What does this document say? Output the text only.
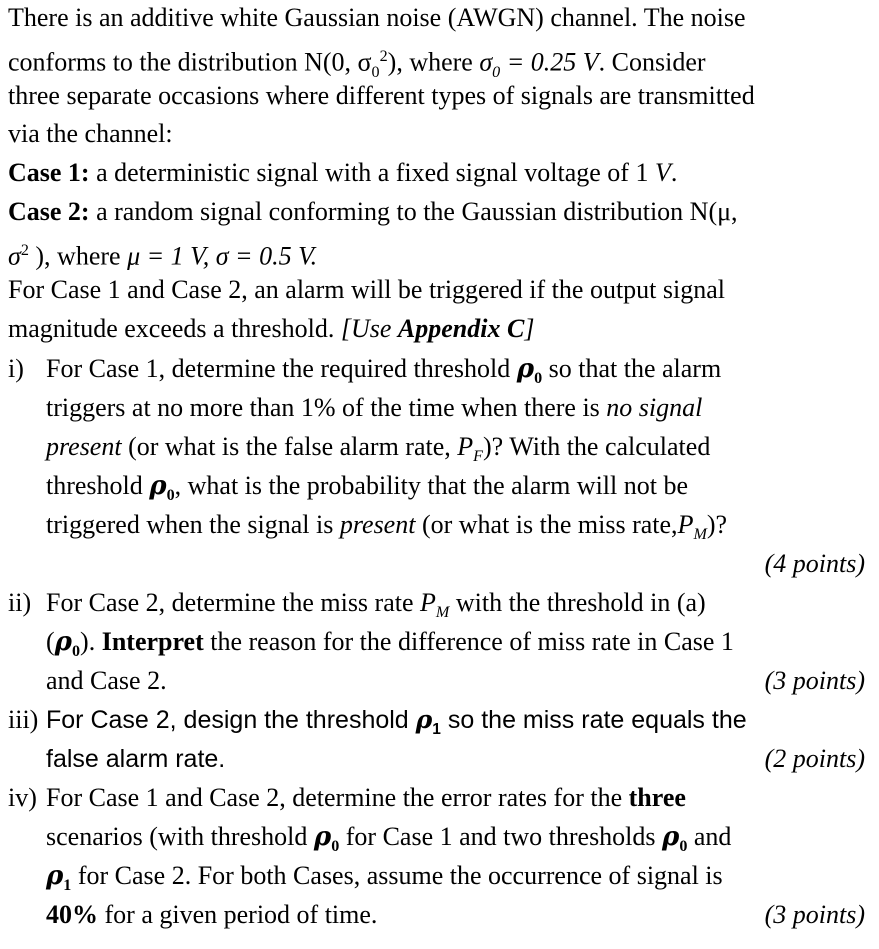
There is an additive white Gaussian noise (AWGN) channel. The noise
conforms to the distribution N(0, $\sigma_0^2$), where $\sigma_0 = 0.25$ V. Consider
three separate occasions where different types of signals are transmitted
via the channel:
Case 1: a deterministic signal with a fixed signal voltage of 1 V.
Case 2: a random signal conforming to the Gaussian distribution N(μ,
$\sigma^2$ ), where μ = 1 V, σ = 0.5 V.
For Case 1 and Case 2, an alarm will be triggered if the output signal
magnitude exceeds a threshold. [Use Appendix C]
i) For Case 1, determine the required threshold $\rho_0$ so that the alarm
triggers at no more than 1% of the time when there is no signal
present (or what is the false alarm rate, $P_F$)? With the calculated
threshold $\rho_0$, what is the probability that the alarm will not be
triggered when the signal is present (or what is the miss $rate,P_M$)?
(4 points)
ii) For Case 2, determine the miss rate $P_M$ with the threshold in (a)
$(\rho_0)$. Interpret the reason for the difference of miss rate in Case 1
and Case 2.	(3 points)
iii) For Case 2, design the threshold $\rho_1$ so the miss rate equals the
false alarm rate.	(2 points)
iv) For Case 1 and Case 2, determine the error rates for the three
scenarios (with threshold $\rho_0$ for Case 1 and two thresholds $\rho_0$ and
$\rho_1$ for Case 2. For both Cases, assume the occurrence of signal is
40% for a given period of time.	(3 points)
